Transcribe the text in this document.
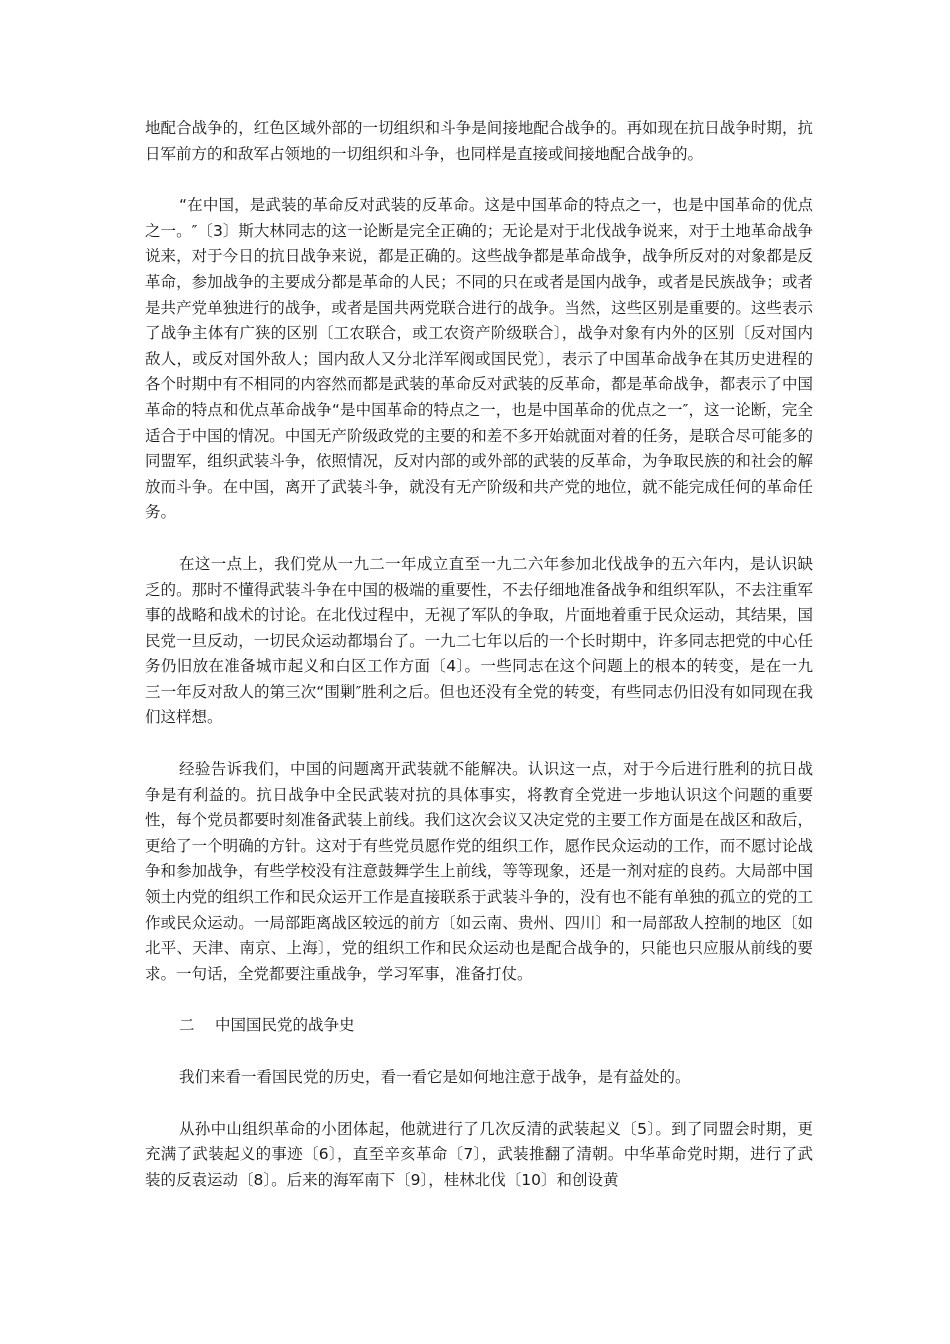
地配合战争的，红色区域外部的一切组织和斗争是间接地配合战争的。再如现在抗日战争时期，抗日军前方的和敌军占领地的一切组织和斗争，也同样是直接或间接地配合战争的。

“在中国，是武装的革命反对武装的反革命。这是中国革命的特点之一，也是中国革命的优点之一。″〔3〕斯大林同志的这一论断是完全正确的；无论是对于北伐战争说来，对于土地革命战争说来，对于今日的抗日战争来说，都是正确的。这些战争都是革命战争，战争所反对的对象都是反革命，参加战争的主要成分都是革命的人民；不同的只在或者是国内战争，或者是民族战争；或者是共产党单独进行的战争，或者是国共两党联合进行的战争。当然，这些区别是重要的。这些表示了战争主体有广狭的区别〔工农联合，或工农资产阶级联合〕，战争对象有内外的区别〔反对国内敌人，或反对国外敌人；国内敌人又分北洋军阀或国民党〕，表示了中国革命战争在其历史进程的各个时期中有不相同的内容然而都是武装的革命反对武装的反革命，都是革命战争，都表示了中国革命的特点和优点革命战争“是中国革命的特点之一，也是中国革命的优点之一″，这一论断，完全适合于中国的情况。中国无产阶级政党的主要的和差不多开始就面对着的任务，是联合尽可能多的同盟军，组织武装斗争，依照情况，反对内部的或外部的武装的反革命，为争取民族的和社会的解放而斗争。在中国，离开了武装斗争，就没有无产阶级和共产党的地位，就不能完成任何的革命任务。

在这一点上，我们党从一九二一年成立直至一九二六年参加北伐战争的五六年内，是认识缺乏的。那时不懂得武装斗争在中国的极端的重要性，不去仔细地准备战争和组织军队，不去注重军事的战略和战术的讨论。在北伐过程中，无视了军队的争取，片面地着重于民众运动，其结果，国民党一旦反动，一切民众运动都塌台了。一九二七年以后的一个长时期中，许多同志把党的中心任务仍旧放在准备城市起义和白区工作方面〔4〕。一些同志在这个问题上的根本的转变，是在一九三一年反对敌人的第三次“围剿″胜利之后。但也还没有全党的转变，有些同志仍旧没有如同现在我们这样想。

经验告诉我们，中国的问题离开武装就不能解决。认识这一点，对于今后进行胜利的抗日战争是有利益的。抗日战争中全民武装对抗的具体事实，将教育全党进一步地认识这个问题的重要性，每个党员都要时刻准备武装上前线。我们这次会议又决定党的主要工作方面是在战区和敌后，更给了一个明确的方针。这对于有些党员愿作党的组织工作，愿作民众运动的工作，而不愿讨论战争和参加战争，有些学校没有注意鼓舞学生上前线，等等现象，还是一剂对症的良药。大局部中国领土内党的组织工作和民众运开工作是直接联系于武装斗争的，没有也不能有单独的孤立的党的工作或民众运动。一局部距离战区较远的前方〔如云南、贵州、四川〕和一局部敌人控制的地区〔如北平、天津、南京、上海〕，党的组织工作和民众运动也是配合战争的，只能也只应服从前线的要求。一句话，全党都要注重战争，学习军事，准备打仗。

二 中国国民党的战争史

我们来看一看国民党的历史，看一看它是如何地注意于战争，是有益处的。

从孙中山组织革命的小团体起，他就进行了几次反清的武装起义〔5〕。到了同盟会时期，更充满了武装起义的事迹〔6〕，直至辛亥革命〔7〕，武装推翻了清朝。中华革命党时期，进行了武装的反袁运动〔8〕。后来的海军南下〔9〕，桂林北伐〔10〕和创设黄
